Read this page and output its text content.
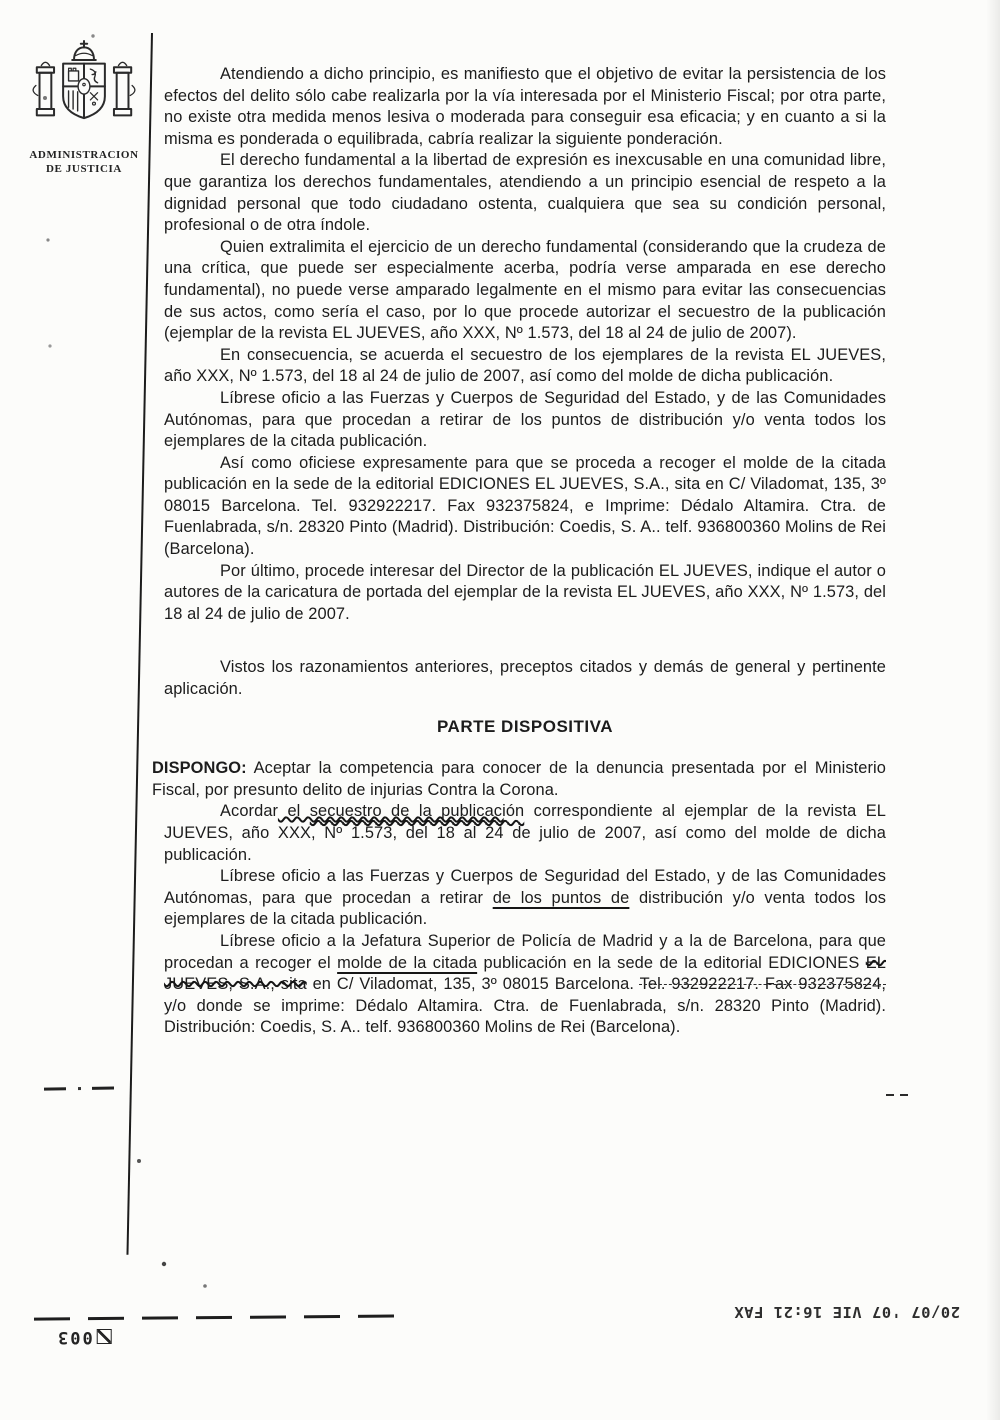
ADMINISTRACION
DE JUSTICIA

Atendiendo a dicho principio, es manifiesto que el objetivo de evitar la persistencia de los efectos del delito sólo cabe realizarla por la vía interesada por el Ministerio Fiscal; por otra parte, no existe otra medida menos lesiva o moderada para conseguir esa eficacia; y en cuanto a si la misma es ponderada o equilibrada, cabría realizar la siguiente ponderación.

El derecho fundamental a la libertad de expresión es inexcusable en una comunidad libre, que garantiza los derechos fundamentales, atendiendo a un principio esencial de respeto a la dignidad personal que todo ciudadano ostenta, cualquiera que sea su condición personal, profesional o de otra índole.

Quien extralimita el ejercicio de un derecho fundamental (considerando que la crudeza de una crítica, que puede ser especialmente acerba, podría verse amparada en ese derecho fundamental), no puede verse amparado legalmente en el mismo para evitar las consecuencias de sus actos, como sería el caso, por lo que procede autorizar el secuestro de la publicación (ejemplar de la revista EL JUEVES, año XXX, Nº 1.573, del 18 al 24 de julio de 2007).

En consecuencia, se acuerda el secuestro de los ejemplares de la revista EL JUEVES, año XXX, Nº 1.573, del 18 al 24 de julio de 2007, así como del molde de dicha publicación.

Líbrese oficio a las Fuerzas y Cuerpos de Seguridad del Estado, y de las Comunidades Autónomas, para que procedan a retirar de los puntos de distribución y/o venta todos los ejemplares de la citada publicación.

Así como oficiese expresamente para que se proceda a recoger el molde de la citada publicación en la sede de la editorial EDICIONES EL JUEVES, S.A., sita en C/ Viladomat, 135, 3º 08015 Barcelona. Tel. 932922217. Fax 932375824, e Imprime: Dédalo Altamira. Ctra. de Fuenlabrada, s/n. 28320 Pinto (Madrid). Distribución: Coedis, S. A.. telf. 936800360 Molins de Rei (Barcelona).

Por último, procede interesar del Director de la publicación EL JUEVES, indique el autor o autores de la caricatura de portada del ejemplar de la revista EL JUEVES, año XXX, Nº 1.573, del 18 al 24 de julio de 2007.

Vistos los razonamientos anteriores, preceptos citados y demás de general y pertinente aplicación.

PARTE DISPOSITIVA

DISPONGO: Aceptar la competencia para conocer de la denuncia presentada por el Ministerio Fiscal, por presunto delito de injurias Contra la Corona.

Acordar el secuestro de la publicación correspondiente al ejemplar de la revista EL JUEVES, año XXX, Nº 1.573, del 18 al 24 de julio de 2007, así como del molde de dicha publicación.

Líbrese oficio a las Fuerzas y Cuerpos de Seguridad del Estado, y de las Comunidades Autónomas, para que procedan a retirar de los puntos de distribución y/o venta todos los ejemplares de la citada publicación.

Líbrese oficio a la Jefatura Superior de Policía de Madrid y a la de Barcelona, para que procedan a recoger el molde de la citada publicación en la sede de la editorial EDICIONES EL JUEVES, S.A., sita en C/ Viladomat, 135, 3º 08015 Barcelona. Tel. 932922217. Fax 932375824, y/o donde se imprime: Dédalo Altamira. Ctra. de Fuenlabrada, s/n. 28320 Pinto (Madrid). Distribución: Coedis, S. A.. telf. 936800360 Molins de Rei (Barcelona).

003
20/07 '07 VIE 16:21 FAX
